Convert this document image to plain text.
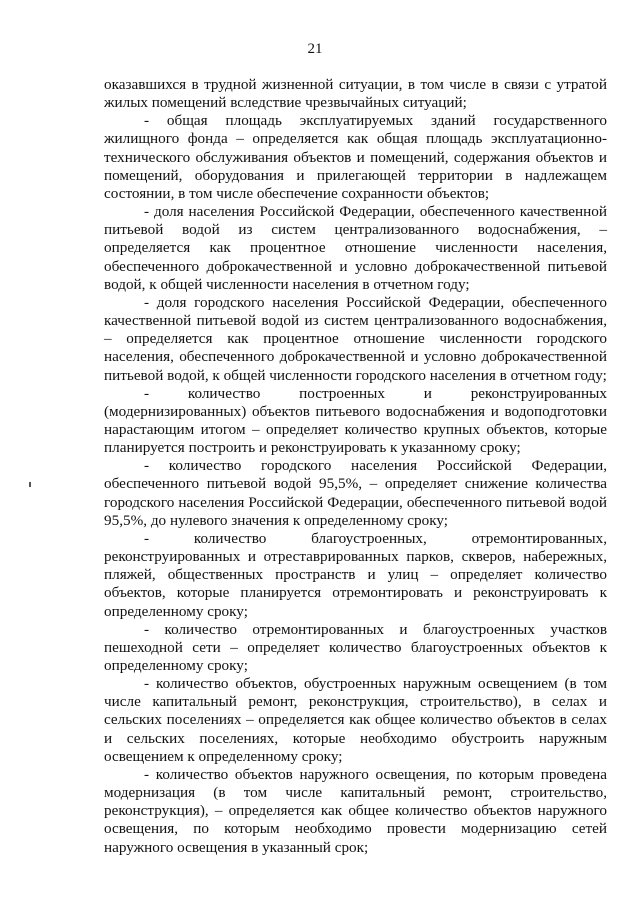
21

оказавшихся в трудной жизненной ситуации, в том числе в связи с утратой жилых помещений вследствие чрезвычайных ситуаций;

- общая площадь эксплуатируемых зданий государственного жилищного фонда – определяется как общая площадь эксплуатационно-технического обслуживания объектов и помещений, содержания объектов и помещений, оборудования и прилегающей территории в надлежащем состоянии, в том числе обеспечение сохранности объектов;

- доля населения Российской Федерации, обеспеченного качественной питьевой водой из систем централизованного водоснабжения, – определяется как процентное отношение численности населения, обеспеченного доброкачественной и условно доброкачественной питьевой водой, к общей численности населения в отчетном году;

- доля городского населения Российской Федерации, обеспеченного качественной питьевой водой из систем централизованного водоснабжения, – определяется как процентное отношение численности городского населения, обеспеченного доброкачественной и условно доброкачественной питьевой водой, к общей численности городского населения в отчетном году;

- количество построенных и реконструированных (модернизированных) объектов питьевого водоснабжения и водоподготовки нарастающим итогом – определяет количество крупных объектов, которые планируется построить и реконструировать к указанному сроку;

- количество городского населения Российской Федерации, обеспеченного питьевой водой 95,5%, – определяет снижение количества городского населения Российской Федерации, обеспеченного питьевой водой 95,5%, до нулевого значения к определенному сроку;

- количество благоустроенных, отремонтированных, реконструированных и отреставрированных парков, скверов, набережных, пляжей, общественных пространств и улиц – определяет количество объектов, которые планируется отремонтировать и реконструировать к определенному сроку;

- количество отремонтированных и благоустроенных участков пешеходной сети – определяет количество благоустроенных объектов к определенному сроку;

- количество объектов, обустроенных наружным освещением (в том числе капитальный ремонт, реконструкция, строительство), в селах и сельских поселениях – определяется как общее количество объектов в селах и сельских поселениях, которые необходимо обустроить наружным освещением к определенному сроку;

- количество объектов наружного освещения, по которым проведена модернизация (в том числе капитальный ремонт, строительство, реконструкция), – определяется как общее количество объектов наружного освещения, по которым необходимо провести модернизацию сетей наружного освещения в указанный срок;
